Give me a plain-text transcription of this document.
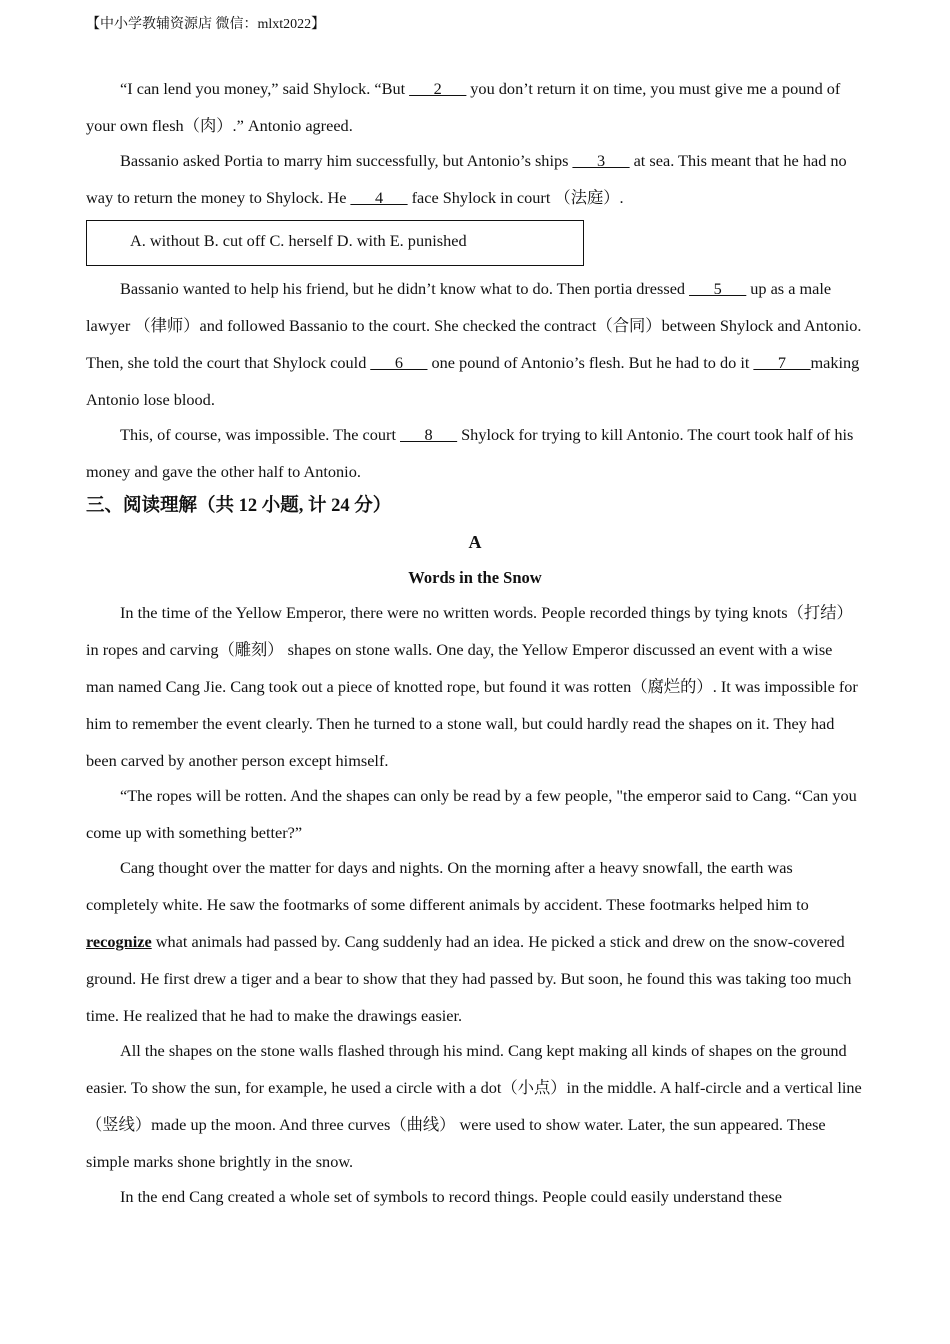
【中小学教辅资源店 微信：mlxt2022】

“I can lend you money,” said Shylock. “But ___2___ you don’t return it on time, you must give me a pound of your own flesh（肉）.” Antonio agreed.

Bassanio asked Portia to marry him successfully, but Antonio’s ships ___3___ at sea. This meant that he had no way to return the money to Shylock. He ___4___ face Shylock in court （法庭）.

A. without B. cut off C. herself D. with E. punished

Bassanio wanted to help his friend, but he didn’t know what to do. Then portia dressed ___5___ up as a male lawyer （律师）and followed Bassanio to the court. She checked the contract（合同）between Shylock and Antonio. Then, she told the court that Shylock could ___6___ one pound of Antonio’s flesh. But he had to do it ___7___making Antonio lose blood.

This, of course, was impossible. The court ___8___ Shylock for trying to kill Antonio. The court took half of his money and gave the other half to Antonio.

三、阅读理解（共 12 小题, 计 24 分）

A

Words in the Snow

In the time of the Yellow Emperor, there were no written words. People recorded things by tying knots（打结）in ropes and carving（雕刻） shapes on stone walls. One day, the Yellow Emperor discussed an event with a wise man named Cang Jie. Cang took out a piece of knotted rope, but found it was rotten（腐烂的）. It was impossible for him to remember the event clearly. Then he turned to a stone wall, but could hardly read the shapes on it. They had been carved by another person except himself.

“The ropes will be rotten. And the shapes can only be read by a few people, "the emperor said to Cang. “Can you come up with something better?”

Cang thought over the matter for days and nights. On the morning after a heavy snowfall, the earth was completely white. He saw the footmarks of some different animals by accident. These footmarks helped him to recognize what animals had passed by. Cang suddenly had an idea. He picked a stick and drew on the snow-covered ground. He first drew a tiger and a bear to show that they had passed by. But soon, he found this was taking too much time. He realized that he had to make the drawings easier.

All the shapes on the stone walls flashed through his mind. Cang kept making all kinds of shapes on the ground easier. To show the sun, for example, he used a circle with a dot（小点）in the middle. A half-circle and a vertical line（竖线）made up the moon. And three curves（曲线） were used to show water. Later, the sun appeared. These simple marks shone brightly in the snow.

In the end Cang created a whole set of symbols to record things. People could easily understand these
